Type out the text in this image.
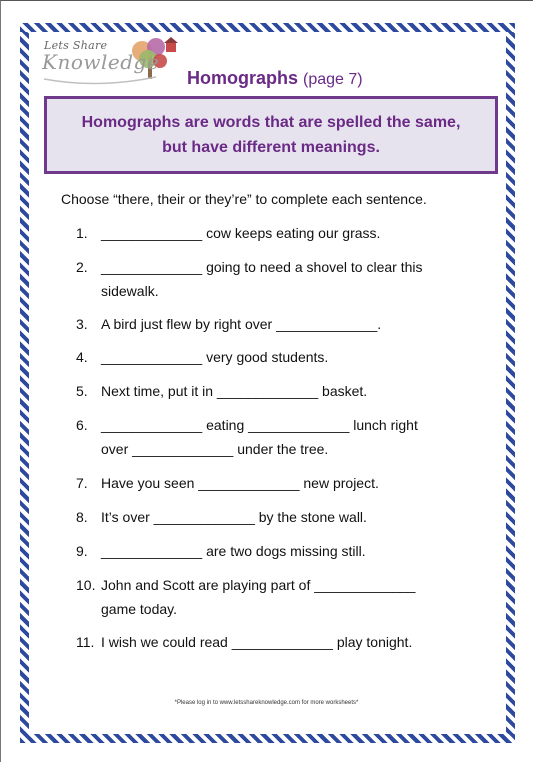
Lets Share
Knowledge
Homographs (page 7)
Homographs are words that are spelled the same,
but have different meanings.
Choose “there, their or they’re” to complete each sentence.
1. _____________ cow keeps eating our grass.
2. _____________ going to need a shovel to clear this
sidewalk.
3. A bird just flew by right over _____________.
4. _____________ very good students.
5. Next time, put it in _____________ basket.
6. _____________ eating _____________ lunch right
over _____________ under the tree.
7. Have you seen _____________ new project.
8. It’s over _____________ by the stone wall.
9. _____________ are two dogs missing still.
10. John and Scott are playing part of _____________
game today.
11. I wish we could read _____________ play tonight.
*Please log in to www.letsshareknowledge.com for more worksheets*
